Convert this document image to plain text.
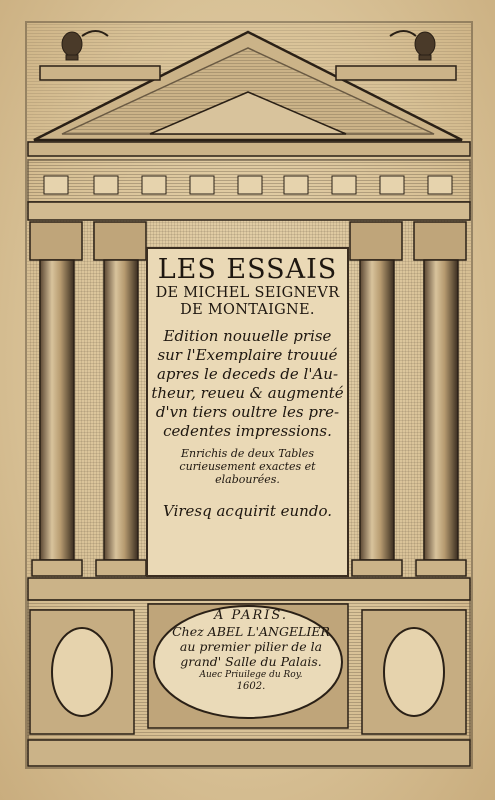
LES ESSAIS
DE MICHEL SEIGNEVR
DE MONTAIGNE.
Edition nouuelle prise
sur l'Exemplaire trouué
apres le deceds de l'Au-
theur, reueu & augmenté
d'vn tiers oultre les pre-
cedentes impressions.
Enrichis de deux Tables
curieusement exactes et
elabourées.
Viresq acquirit eundo.
A PARIS.
Chez ABEL L'ANGELIER
au premier pilier de la
grand' Salle du Palais.
Auec Priuilege du Roy.
1602.
